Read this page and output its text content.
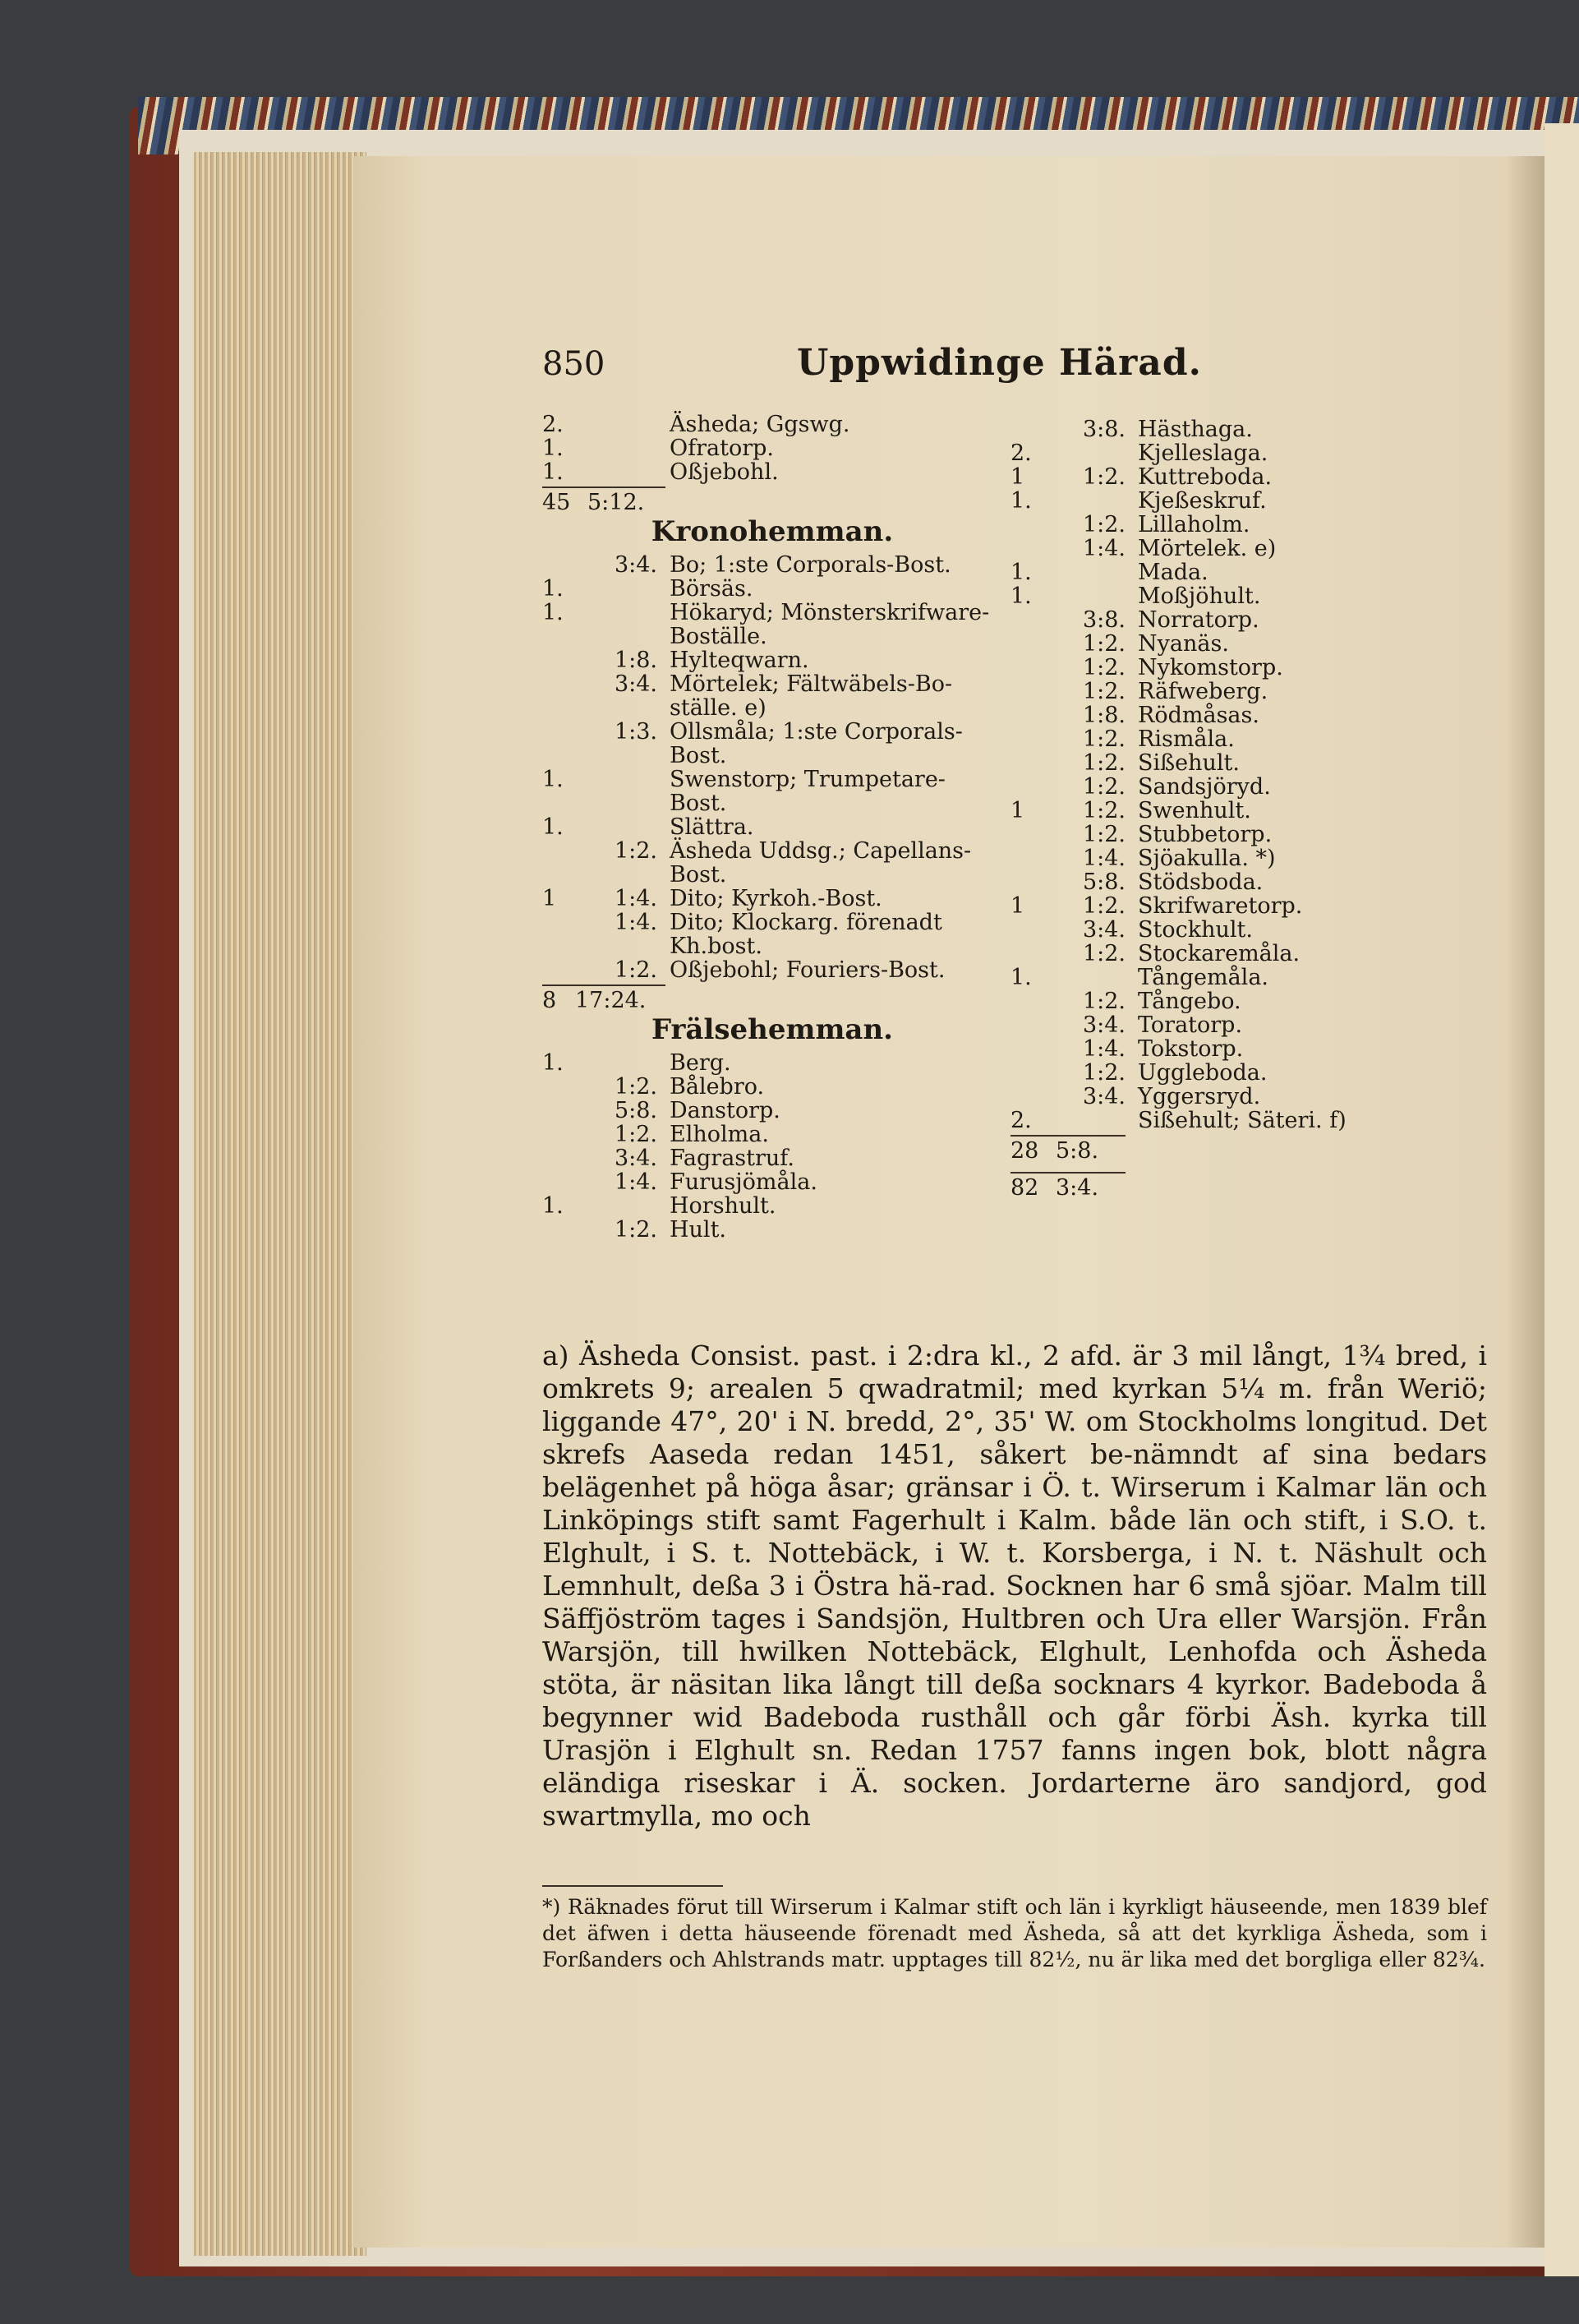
850	Uppwidinge Härad.
2.	Äsheda; Ggswg.
1.	Ofratorp.
1.	Oßjebohl.
45 5:12.
Kronohemman.
3:4. Bo; 1:ste Corporals-Bost.
1.	Börsäs.
1.	Hökaryd; Mönsterskrifware-
Boställe.
1:8. Hylteqwarn.
3:4. Mörtelek; Fältwäbels-Bo-
ställe. e)
1:3. Ollsmåla; 1:ste Corporals-
Bost.
1.	Swenstorp; Trumpetare-
Bost.
1.	Slättra.
1:2. Äsheda Uddsg.; Capellans-
Bost.
1	1:4. Dito; Kyrkoh.-Bost.
1:4. Dito; Klockarg. förenadt
Kh.bost.
1:2. Oßjebohl; Fouriers-Bost.
8 17:24.
Frälsehemman.
1.	Berg.
1:2. Bålebro.
5:8. Danstorp.
1:2. Elholma.
3:4. Fagrastruf.
1:4. Furusjömåla.
1.	Horshult.
1:2. Hult.
3:8. Hästhaga.
2.	Kjelleslaga.
1	1:2. Kuttreboda.
1.	Kjeßeskruf.
1:2. Lillaholm.
1:4. Mörtelek. e)
1.	Mada.
1.	Moßjöhult.
3:8. Norratorp.
1:2. Nyanäs.
1:2. Nykomstorp.
1:2. Räfweberg.
1:8. Rödmåsas.
1:2. Rismåla.
1:2. Sißehult.
1:2. Sandsjöryd.
1	1:2. Swenhult.
1:2. Stubbetorp.
1:4. Sjöakulla. *)
5:8. Stödsboda.
1	1:2. Skrifwaretorp.
3:4. Stockhult.
1:2. Stockaremåla.
1.	Tångemåla.
1:2. Tångebo.
3:4. Toratorp.
1:4. Tokstorp.
1:2. Uggleboda.
3:4. Yggersryd.
2.	Sißehult; Säteri. f)
28 5:8.
82 3:4.
a) Äsheda Consist. past. i 2:dra kl., 2 afd. är 3 mil långt, 1¾ bred, i omkrets 9; arealen 5 qwadratmil; med kyrkan 5¼ m. från Weriö; liggande 47°, 20' i N. bredd, 2°, 35' W. om Stockholms longitud. Det skrefs Aaseda redan 1451, såkert be-nämndt af sina bedars belägenhet på höga åsar; gränsar i Ö. t. Wirserum i Kalmar län och Linköpings stift samt Fagerhult i Kalm. både län och stift, i S.O. t. Elghult, i S. t. Nottebäck, i W. t. Korsberga, i N. t. Näshult och Lemnhult, deßa 3 i Östra hä-rad. Socknen har 6 små sjöar. Malm till Säffjöström tages i Sandsjön, Hultbren och Ura eller Warsjön. Från Warsjön, till hwilken Nottebäck, Elghult, Lenhofda och Äsheda stöta, är näsitan lika långt till deßa socknars 4 kyrkor. Badeboda å begynner wid Badeboda rusthåll och går förbi Äsh. kyrka till Urasjön i Elghult sn. Redan 1757 fanns ingen bok, blott några eländiga riseskar i Ä. socken. Jordarterne äro sandjord, god swartmylla, mo och
*) Räknades förut till Wirserum i Kalmar stift och län i kyrkligt häuseende, men 1839 blef det äfwen i detta häuseende förenadt med Äsheda, så att det kyrkliga Äsheda, som i Forßanders och Ahlstrands matr. upptages till 82½, nu är lika med det borgliga eller 82¾.
